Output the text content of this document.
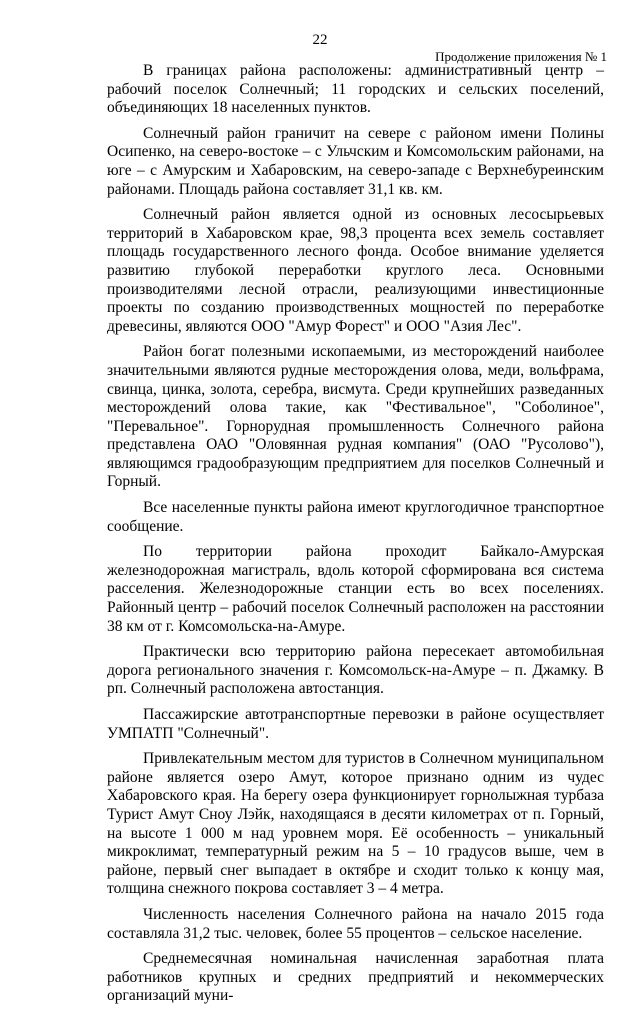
22
Продолжение приложения № 1

В границах района расположены: административный центр – рабочий поселок Солнечный; 11 городских и сельских поселений, объединяющих 18 населенных пунктов.

Солнечный район граничит на севере с районом имени Полины Осипенко, на северо-востоке – с Ульчским и Комсомольским районами, на юге – с Амурским и Хабаровским, на северо-западе с Верхнебуреинским районами. Площадь района составляет 31,1 кв. км.

Солнечный район является одной из основных лесосырьевых территорий в Хабаровском крае, 98,3 процента всех земель составляет площадь государственного лесного фонда. Особое внимание уделяется развитию глубокой переработки круглого леса. Основными производителями лесной отрасли, реализующими инвестиционные проекты по созданию производственных мощностей по переработке древесины, являются ООО "Амур Форест" и ООО "Азия Лес".

Район богат полезными ископаемыми, из месторождений наиболее значительными являются рудные месторождения олова, меди, вольфрама, свинца, цинка, золота, серебра, висмута. Среди крупнейших разведанных месторождений олова такие, как "Фестивальное", "Соболиное", "Перевальное". Горнорудная промышленность Солнечного района представлена ОАО "Оловянная рудная компания" (ОАО "Русолово"), являющимся градообразующим предприятием для поселков Солнечный и Горный.

Все населенные пункты района имеют круглогодичное транспортное сообщение.

По территории района проходит Байкало-Амурская железнодорожная магистраль, вдоль которой сформирована вся система расселения. Железнодорожные станции есть во всех поселениях. Районный центр – рабочий поселок Солнечный расположен на расстоянии 38 км от г. Комсомольска-на-Амуре.

Практически всю территорию района пересекает автомобильная дорога регионального значения г. Комсомольск-на-Амуре – п. Джамку. В рп. Солнечный расположена автостанция.

Пассажирские автотранспортные перевозки в районе осуществляет УМПАТП "Солнечный".

Привлекательным местом для туристов в Солнечном муниципальном районе является озеро Амут, которое признано одним из чудес Хабаровского края. На берегу озера функционирует горнолыжная турбаза Турист Амут Сноу Лэйк, находящаяся в десяти километрах от п. Горный, на высоте 1 000 м над уровнем моря. Её особенность – уникальный микроклимат, температурный режим на 5 – 10 градусов выше, чем в районе, первый снег выпадает в октябре и сходит только к концу мая, толщина снежного покрова составляет 3 – 4 метра.

Численность населения Солнечного района на начало 2015 года составляла 31,2 тыс. человек, более 55 процентов – сельское население.

Среднемесячная номинальная начисленная заработная плата работников крупных и средних предприятий и некоммерческих организаций муни-
